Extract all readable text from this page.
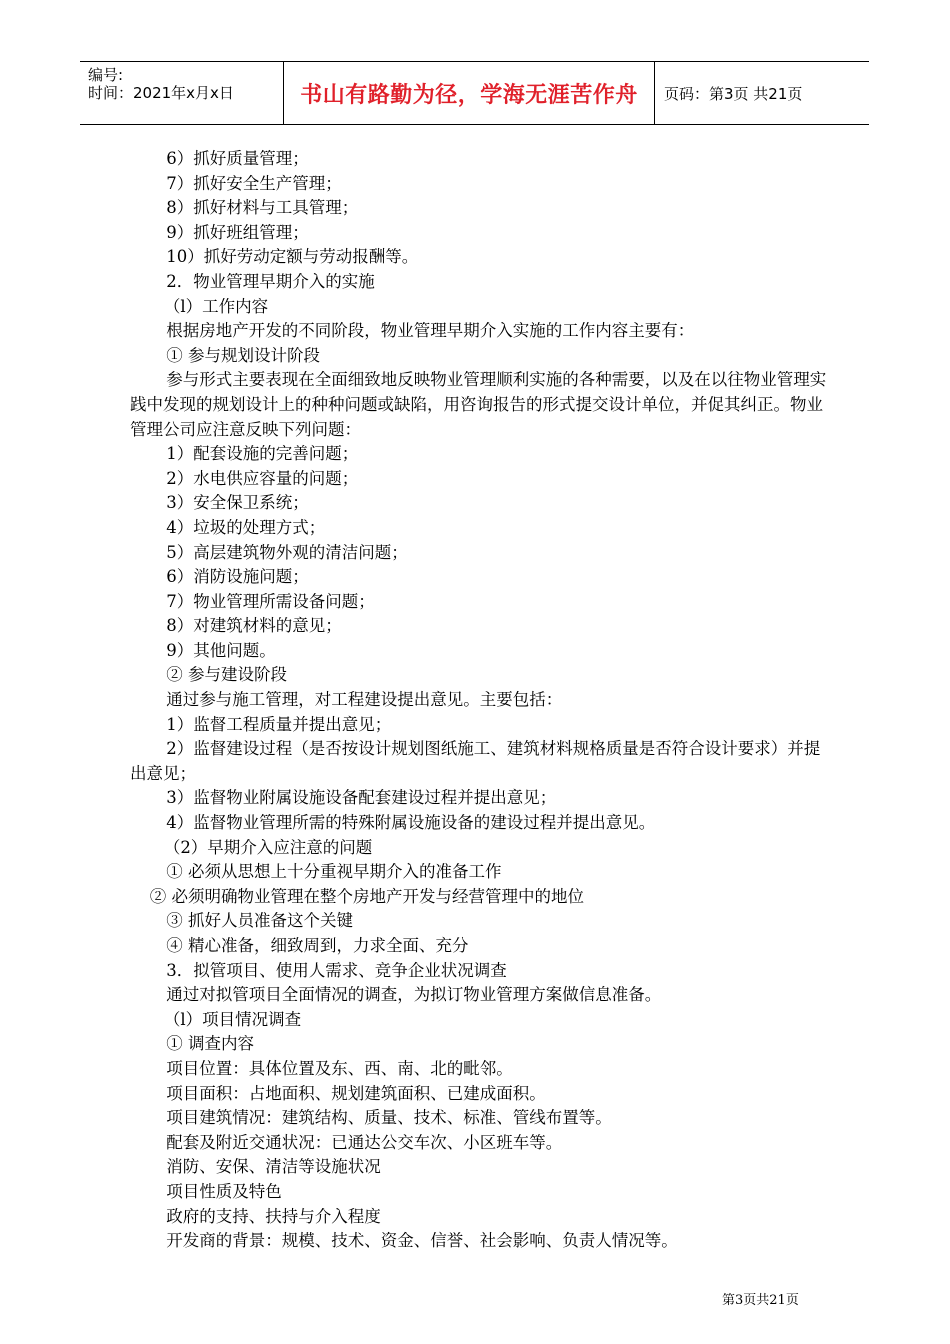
编号:
时间：2021年x月x日	书山有路勤为径，学海无涯苦作舟	页码：第3页 共21页

6）抓好质量管理；

7）抓好安全生产管理；

8）抓好材料与工具管理；

9）抓好班组管理；

10）抓好劳动定额与劳动报酬等。

2．物业管理早期介入的实施

（l）工作内容

根据房地产开发的不同阶段，物业管理早期介入实施的工作内容主要有：

① 参与规划设计阶段

参与形式主要表现在全面细致地反映物业管理顺利实施的各种需要，以及在以往物业管理实践中发现的规划设计上的种种问题或缺陷，用咨询报告的形式提交设计单位，并促其纠正。物业管理公司应注意反映下列问题：

1）配套设施的完善问题；

2）水电供应容量的问题；

3）安全保卫系统；

4）垃圾的处理方式；

5）高层建筑物外观的清洁问题；

6）消防设施问题；

7）物业管理所需设备问题；

8）对建筑材料的意见；

9）其他问题。

② 参与建设阶段

通过参与施工管理，对工程建设提出意见。主要包括：

1）监督工程质量并提出意见；

2）监督建设过程（是否按设计规划图纸施工、建筑材料规格质量是否符合设计要求）并提出意见；

3）监督物业附属设施设备配套建设过程并提出意见；

4）监督物业管理所需的特殊附属设施设备的建设过程并提出意见。

（2）早期介入应注意的问题

① 必须从思想上十分重视早期介入的准备工作

② 必须明确物业管理在整个房地产开发与经营管理中的地位

③ 抓好人员准备这个关键

④ 精心准备，细致周到，力求全面、充分

3．拟管项目、使用人需求、竞争企业状况调查

通过对拟管项目全面情况的调查，为拟订物业管理方案做信息准备。

（l）项目情况调查

① 调查内容

项目位置：具体位置及东、西、南、北的毗邻。

项目面积：占地面积、规划建筑面积、已建成面积。

项目建筑情况：建筑结构、质量、技术、标准、管线布置等。

配套及附近交通状况：已通达公交车次、小区班车等。

消防、安保、清洁等设施状况

项目性质及特色

政府的支持、扶持与介入程度

开发商的背景：规模、技术、资金、信誉、社会影响、负责人情况等。

第3页共21页
